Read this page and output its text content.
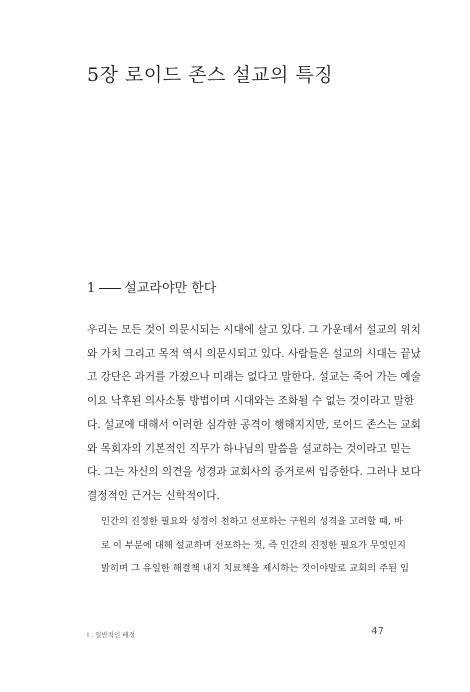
5장 로이드 존스 설교의 특징
1 설교라야만 한다
우리는 모든 것이 의문시되는 시대에 살고 있다. 그 가운데서 설교의 위치
와 가치 그리고 목적 역시 의문시되고 있다. 사람들은 설교의 시대는 끝났
고 강단은 과거를 가졌으나 미래는 없다고 말한다. 설교는 죽어 가는 예술
이요 낙후된 의사소통 방법이며 시대와는 조화될 수 없는 것이라고 말한
다. 설교에 대해서 이러한 심각한 공격이 행해지지만, 로이드 존스는 교회
와 목회자의 기본적인 직무가 하나님의 말씀을 설교하는 것이라고 믿는
다. 그는 자신의 의견을 성경과 교회사의 증거로써 입증한다. 그러나 보다
결정적인 근거는 신학적이다.
인간의 진정한 필요와 성경이 천하고 선포하는 구원의 성격을 고려할 때, 바
로 이 부분에 대해 설교하며 선포하는 것, 즉 인간의 진정한 필요가 무엇인지
밝히며 그 유일한 해결책 내지 치료책을 제시하는 것이야말로 교회의 주된 임
I . 일반적인 배경	47
